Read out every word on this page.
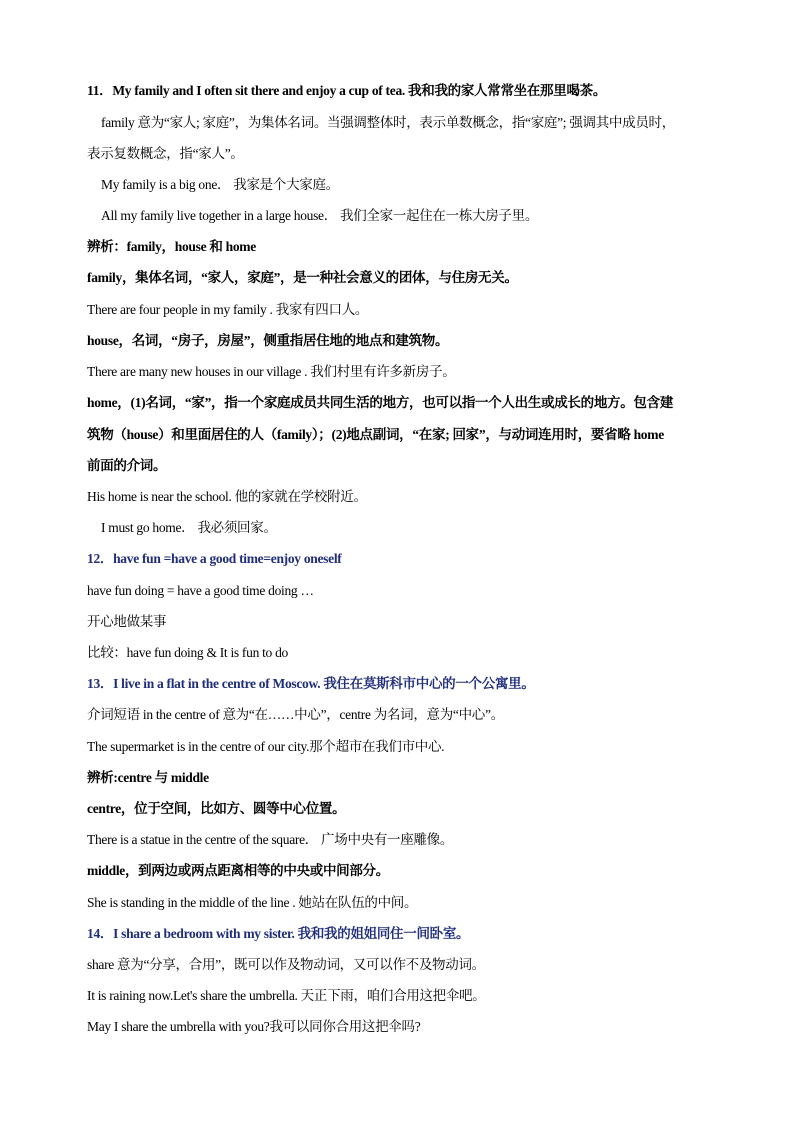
11．My family and I often sit there and enjoy a cup of tea. 我和我的家人常常坐在那里喝茶。
family 意为“家人; 家庭”，为集体名词。当强调整体时，表示单数概念，指“家庭”; 强调其中成员时，
表示复数概念，指“家人”。
My family is a big one． 我家是个大家庭。
All my family live together in a large house． 我们全家一起住在一栋大房子里。
辨析：family，house 和 home
family，集体名词，“家人，家庭”，是一种社会意义的团体，与住房无关。
There are four people in my family . 我家有四口人。
house，名词，“房子，房屋”，侧重指居住地的地点和建筑物。
There are many new houses in our village . 我们村里有许多新房子。
home，(1)名词，“家”，指一个家庭成员共同生活的地方，也可以指一个人出生或成长的地方。包含建
筑物（house）和里面居住的人（family）；(2)地点副词，“在家; 回家”，与动词连用时，要省略 home
前面的介词。
His home is near the school. 他的家就在学校附近。
I must go home． 我必须回家。
12．have fun =have a good time=enjoy oneself
have fun doing = have a good time doing …
开心地做某事
比较：have fun doing & It is fun to do
13．I live in a flat in the centre of Moscow. 我住在莫斯科市中心的一个公寓里。
介词短语 in the centre of 意为“在……中心”，centre 为名词，意为“中心”。
The supermarket is in the centre of our city.那个超市在我们市中心.
辨析:centre 与 middle
centre，位于空间，比如方、圆等中心位置。
There is a statue in the centre of the square． 广场中央有一座雕像。
middle，到两边或两点距离相等的中央或中间部分。
She is standing in the middle of the line . 她站在队伍的中间。
14．I share a bedroom with my sister. 我和我的姐姐同住一间卧室。
share 意为“分享，合用”，既可以作及物动词，又可以作不及物动词。
It is raining now.Let's share the umbrella. 天正下雨，咱们合用这把伞吧。
May I share the umbrella with you?我可以同你合用这把伞吗?
